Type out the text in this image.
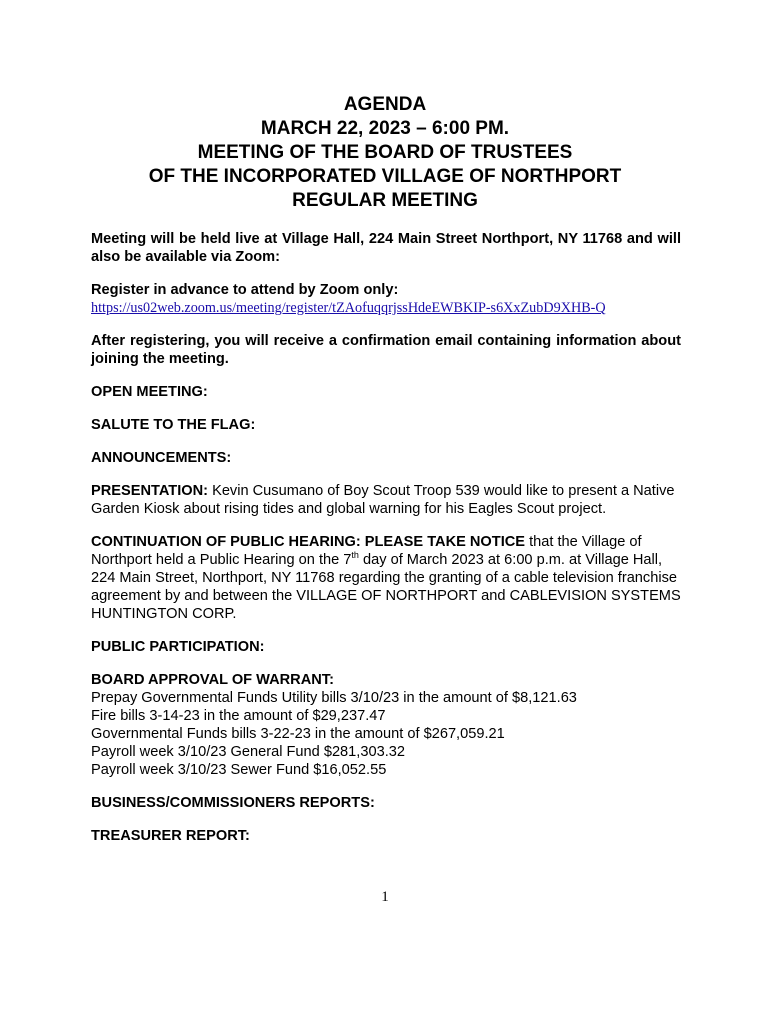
AGENDA
MARCH 22, 2023 – 6:00 PM.
MEETING OF THE BOARD OF TRUSTEES
OF THE INCORPORATED VILLAGE OF NORTHPORT
REGULAR MEETING

Meeting will be held live at Village Hall, 224 Main Street Northport, NY 11768 and will also be available via Zoom:

Register in advance to attend by Zoom only:
https://us02web.zoom.us/meeting/register/tZAofuqqrjssHdeEWBKIP-s6XxZubD9XHB-Q

After registering, you will receive a confirmation email containing information about joining the meeting.

OPEN MEETING:

SALUTE TO THE FLAG:

ANNOUNCEMENTS:

PRESENTATION: Kevin Cusumano of Boy Scout Troop 539 would like to present a Native Garden Kiosk about rising tides and global warning for his Eagles Scout project.

CONTINUATION OF PUBLIC HEARING: PLEASE TAKE NOTICE that the Village of Northport held a Public Hearing on the 7th day of March 2023 at 6:00 p.m. at Village Hall, 224 Main Street, Northport, NY 11768 regarding the granting of a cable television franchise agreement by and between the VILLAGE OF NORTHPORT and CABLEVISION SYSTEMS HUNTINGTON CORP.

PUBLIC PARTICIPATION:

BOARD APPROVAL OF WARRANT:
Prepay Governmental Funds Utility bills 3/10/23 in the amount of $8,121.63
Fire bills 3-14-23 in the amount of $29,237.47
Governmental Funds bills 3-22-23 in the amount of $267,059.21
Payroll week 3/10/23 General Fund $281,303.32
Payroll week 3/10/23 Sewer Fund $16,052.55

BUSINESS/COMMISSIONERS REPORTS:

TREASURER REPORT:

1
